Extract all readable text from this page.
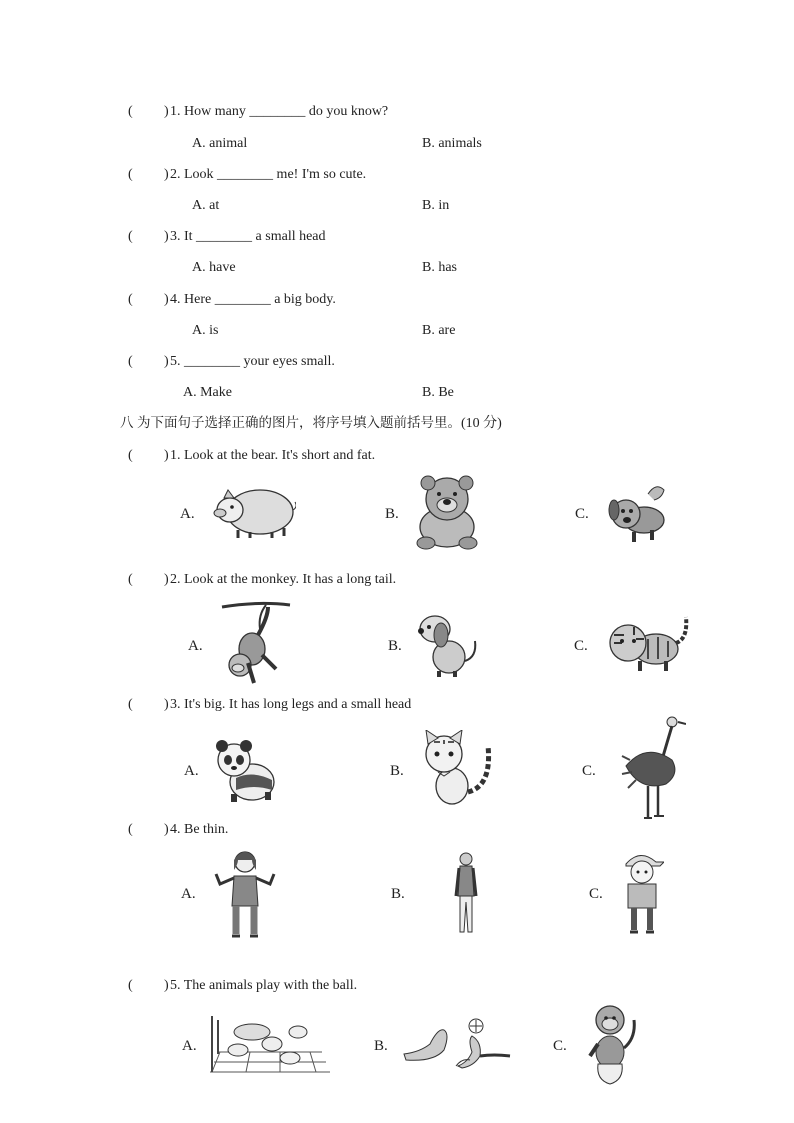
( ) 1. How many ________ do you know?
A. animal	B. animals
( ) 2. Look ________ me! I'm so cute.
A. at	B. in
( ) 3. It ________ a small head
A. have	B. has
( ) 4. Here ________ a big body.
A. is	B. are
( ) 5. ________ your eyes small.
A. Make	B. Be
八 为下面句子选择正确的图片，将序号填入题前括号里。(10 分)
( ) 1. Look at the bear. It's short and fat.
A.	B.	C.
( ) 2. Look at the monkey. It has a long tail.
A.	B.	C.
( ) 3. It's big. It has long legs and a small head
A.	B.	C.
( ) 4. Be thin.
A.	B.	C.
( ) 5. The animals play with the ball.
A.	B.	C.
